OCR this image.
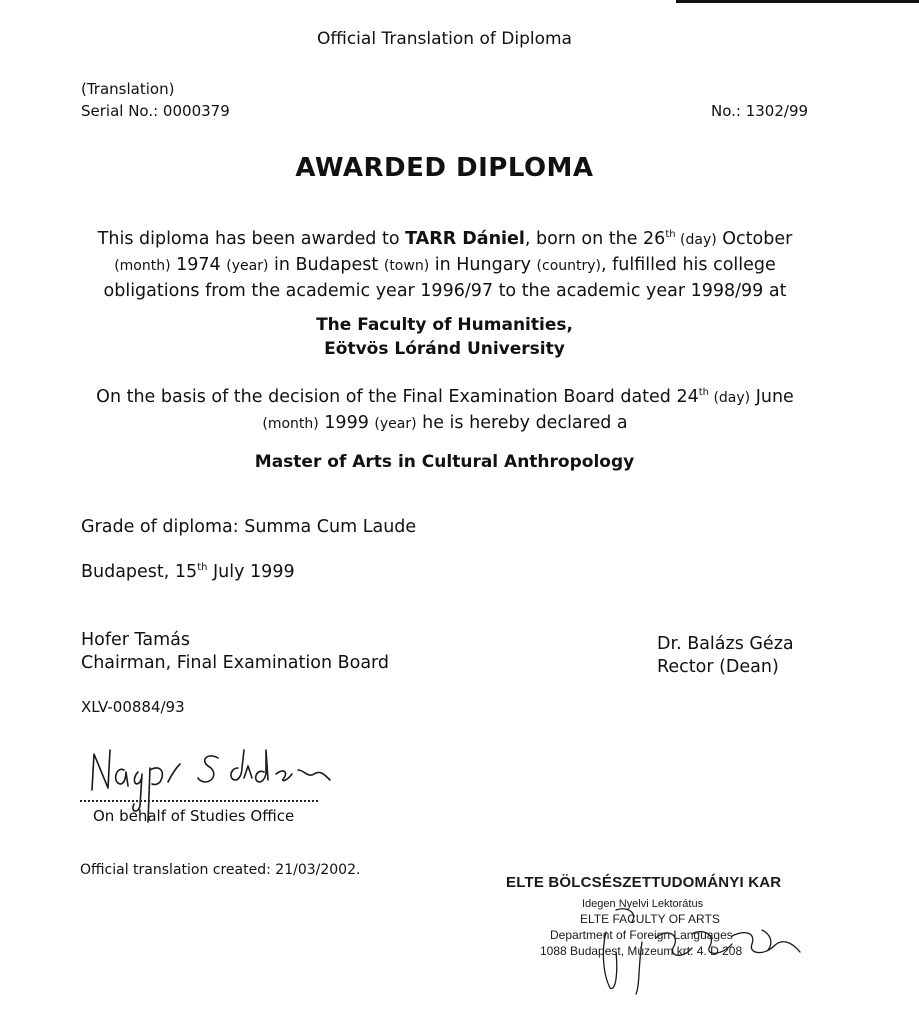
Official Translation of Diploma
(Translation)
Serial No.: 0000379	No.: 1302/99
AWARDED DIPLOMA
This diploma has been awarded to TARR Dániel, born on the 26th (day) October
(month) 1974 (year) in Budapest (town) in Hungary (country), fulfilled his college
obligations from the academic year 1996/97 to the academic year 1998/99 at
The Faculty of Humanities,
Eötvös Lóránd University
On the basis of the decision of the Final Examination Board dated 24th (day) June
(month) 1999 (year) he is hereby declared a
Master of Arts in Cultural Anthropology
Grade of diploma: Summa Cum Laude
Budapest, 15th July 1999
Hofer Tamás
Chairman, Final Examination Board
Dr. Balázs Géza
Rector (Dean)
XLV-00884/93
On behalf of Studies Office
Official translation created: 21/03/2002.
ELTE BÖLCSÉSZETTUDOMÁNYI KAR
Idegen Nyelvi Lektorátus
ELTE FACULTY OF ARTS
Department of Foreign Languages
1088 Budapest, Múzeum krt. 4. D 208
